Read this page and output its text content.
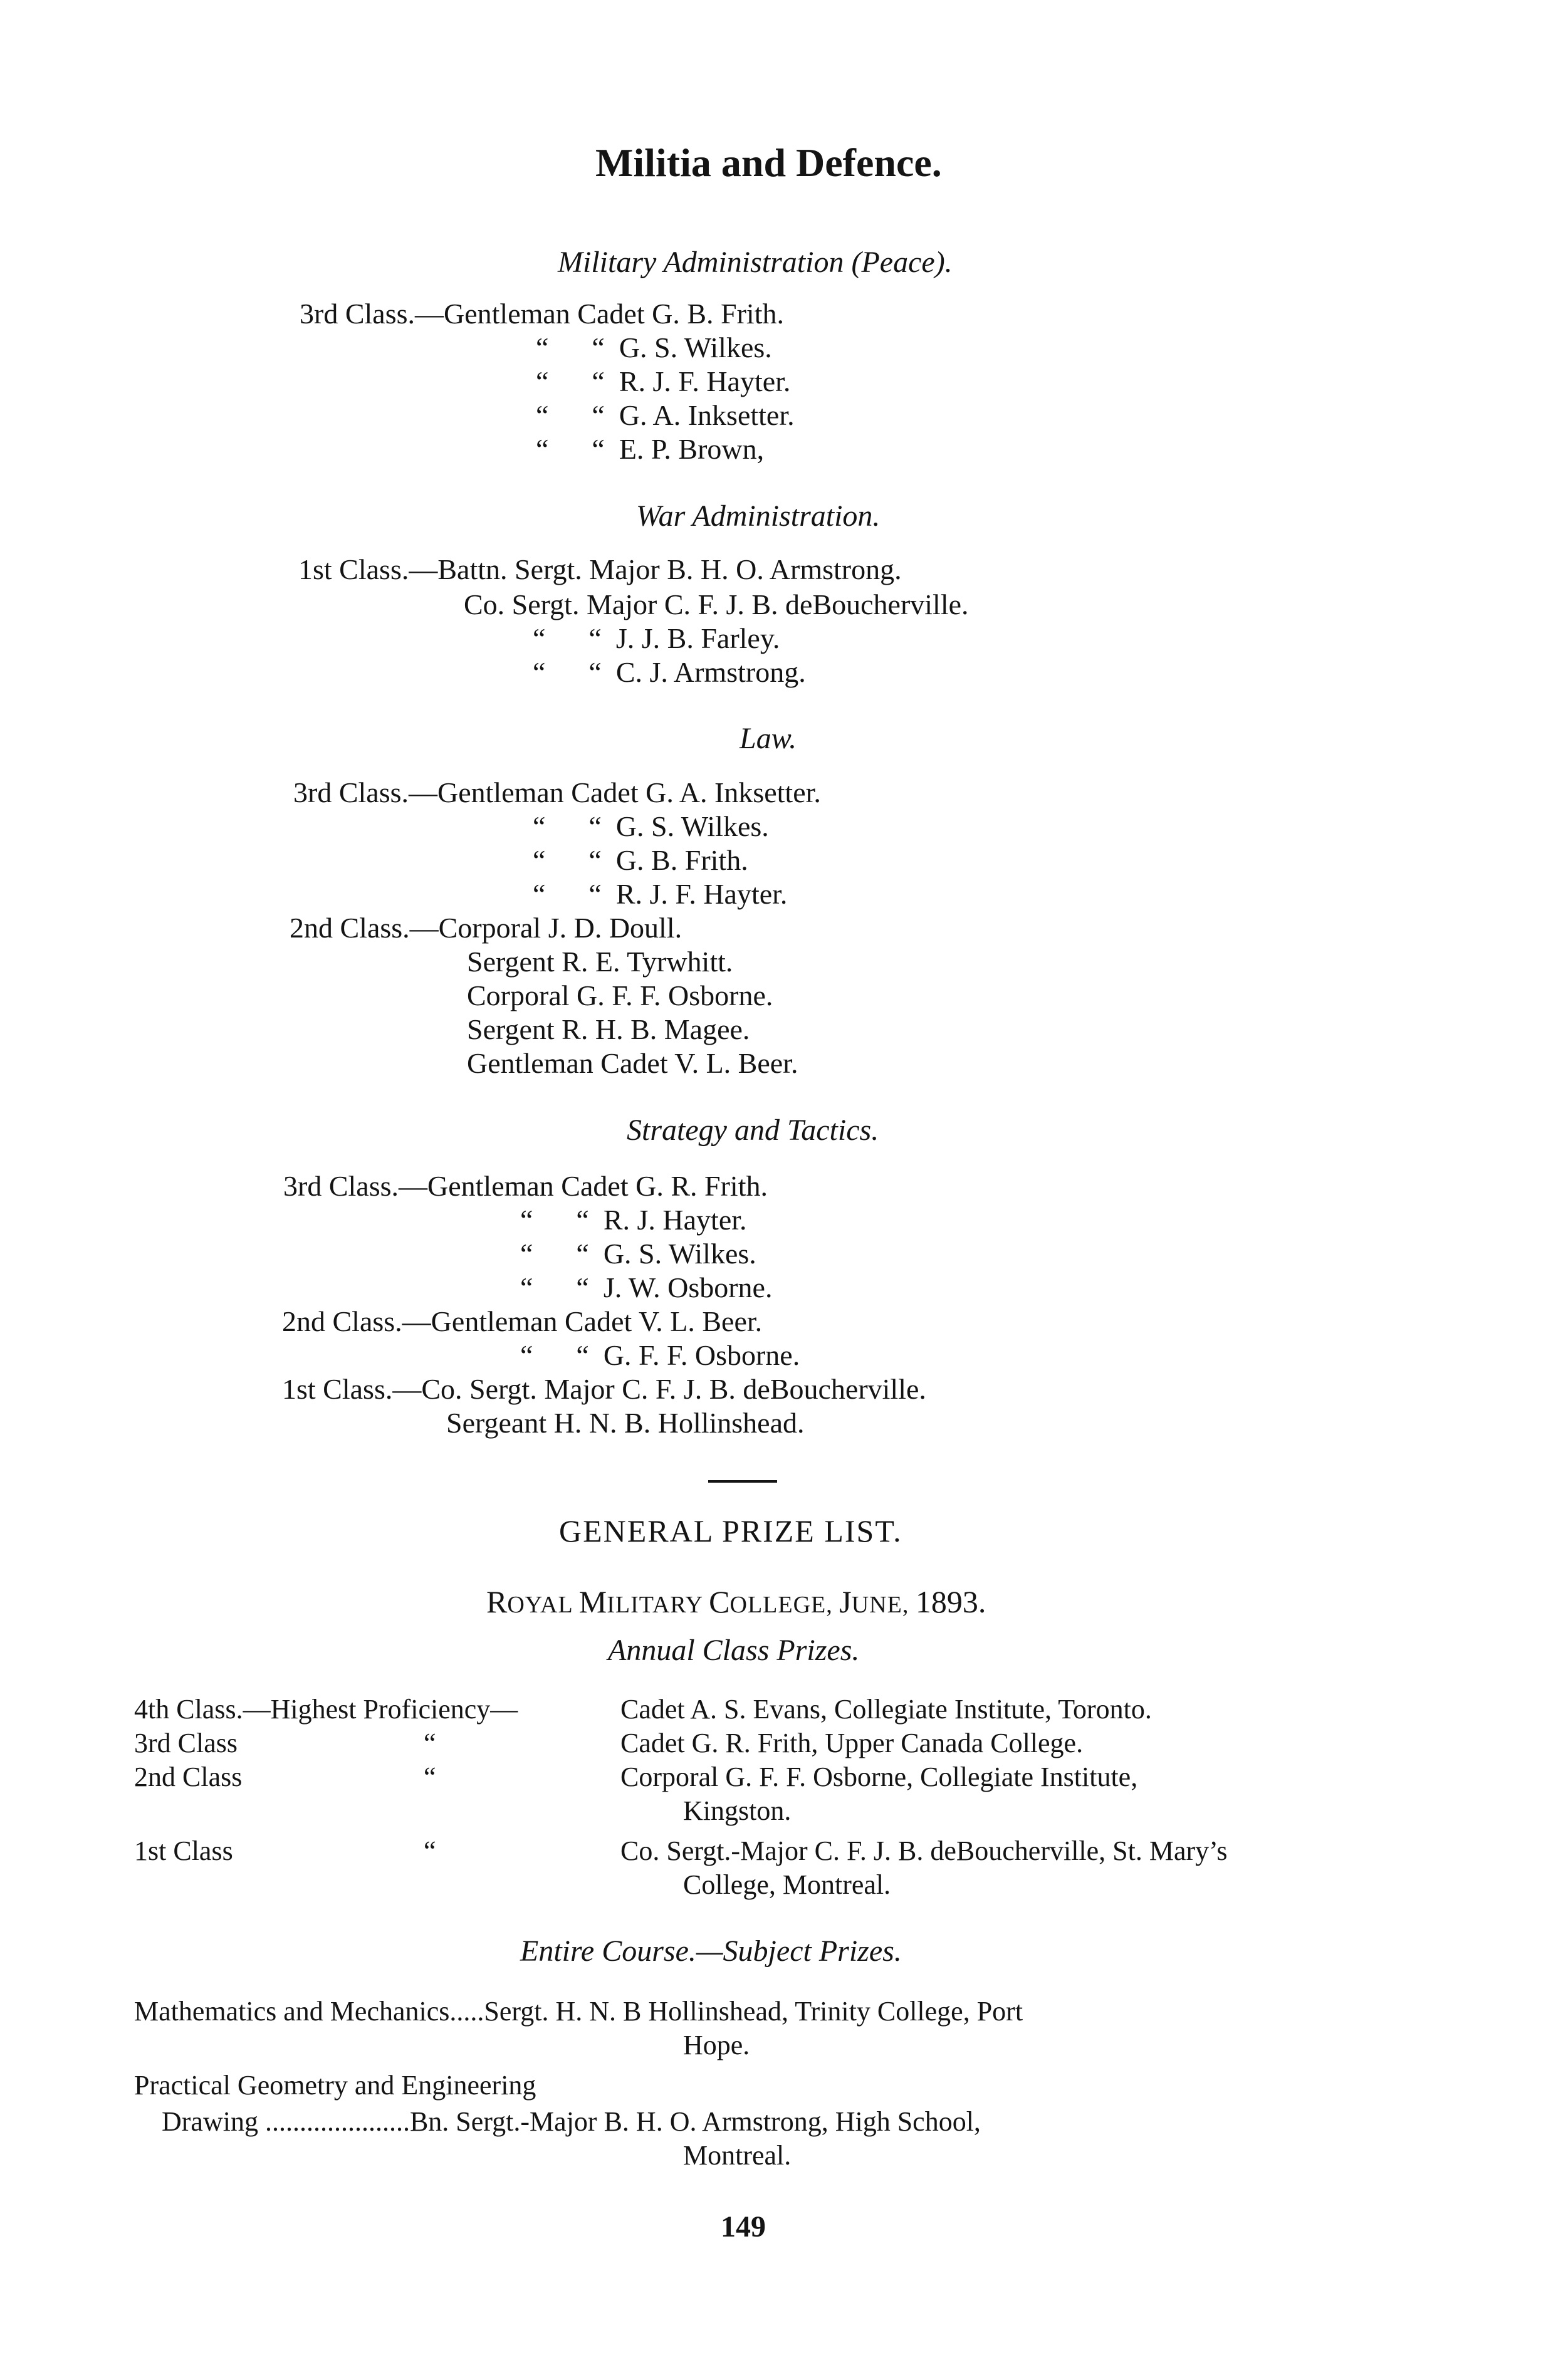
Militia and Defence.
Military Administration (Peace).
3rd Class.—Gentleman Cadet G. B. Frith.
“      “  G. S. Wilkes.
“      “  R. J. F. Hayter.
“      “  G. A. Inksetter.
“      “  E. P. Brown,
War Administration.
1st Class.—Battn. Sergt. Major B. H. O. Armstrong.
Co. Sergt. Major C. F. J. B. deBoucherville.
“      “  J. J. B. Farley.
“      “  C. J. Armstrong.
Law.
3rd Class.—Gentleman Cadet G. A. Inksetter.
“      “  G. S. Wilkes.
“      “  G. B. Frith.
“      “  R. J. F. Hayter.
2nd Class.—Corporal J. D. Doull.
Sergent R. E. Tyrwhitt.
Corporal G. F. F. Osborne.
Sergent R. H. B. Magee.
Gentleman Cadet V. L. Beer.
Strategy and Tactics.
3rd Class.—Gentleman Cadet G. R. Frith.
“      “  R. J. Hayter.
“      “  G. S. Wilkes.
“      “  J. W. Osborne.
2nd Class.—Gentleman Cadet V. L. Beer.
“      “  G. F. F. Osborne.
1st Class.—Co. Sergt. Major C. F. J. B. deBoucherville.
Sergeant H. N. B. Hollinshead.
GENERAL PRIZE LIST.

ROYAL MILITARY COLLEGE, JUNE, 1893.

Annual Class Prizes.
4th Class.—Highest Proficiency—	Cadet A. S. Evans, Collegiate Institute, Toronto.
3rd Class	“	Cadet G. R. Frith, Upper Canada College.
2nd Class	“	Corporal G. F. F. Osborne, Collegiate Institute,
Kingston.
1st Class	“	Co. Sergt.-Major C. F. J. B. deBoucherville, St. Mary’s
College, Montreal.
Entire Course.—Subject Prizes.
Mathematics and Mechanics.....Sergt. H. N. B Hollinshead, Trinity College, Port
Hope.
Practical Geometry and Engineering
Drawing .....................Bn. Sergt.-Major B. H. O. Armstrong, High School,
Montreal.
149
